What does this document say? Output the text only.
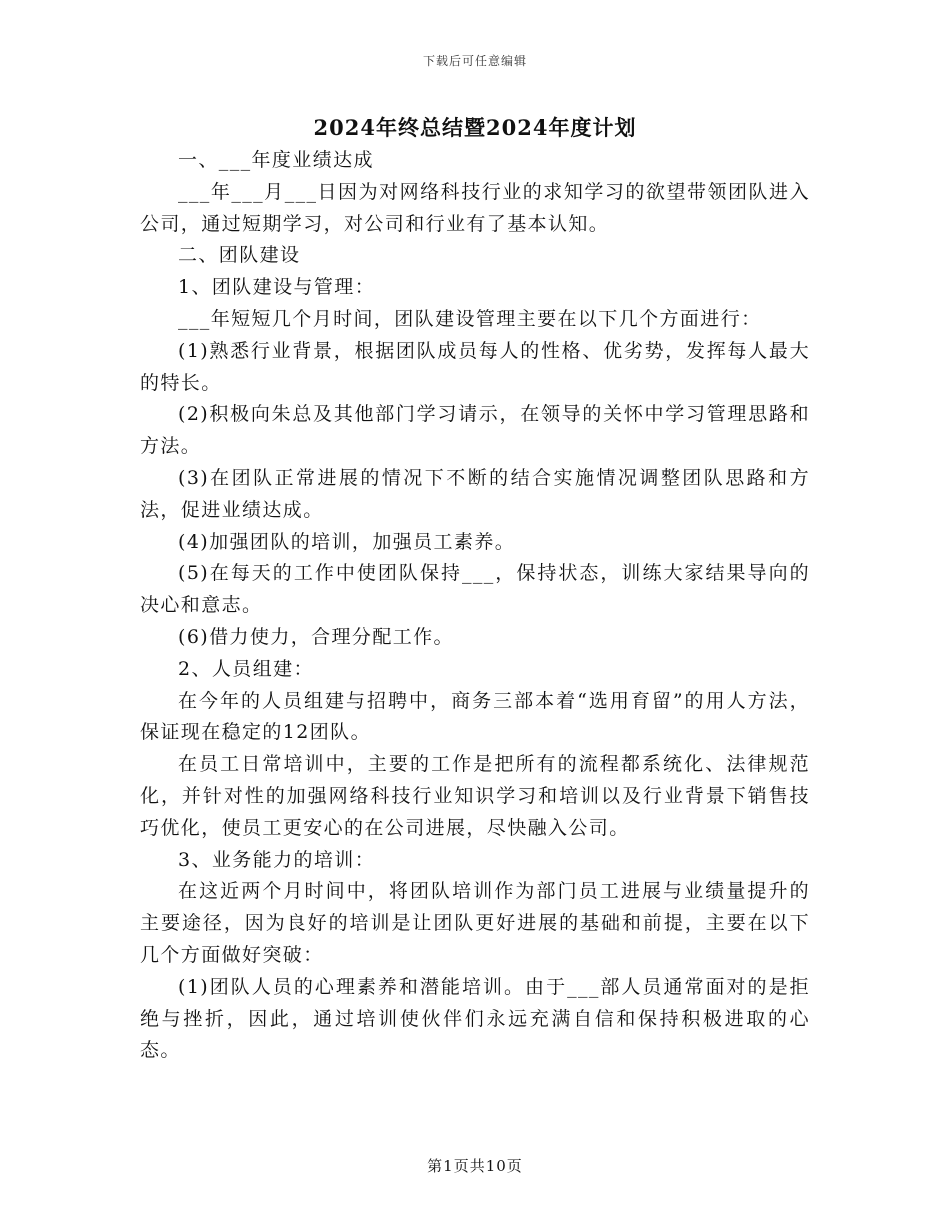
下载后可任意编辑
2024年终总结暨2024年度计划

一、___年度业绩达成

___年___月___日因为对网络科技行业的求知学习的欲望带领团队进入公司，通过短期学习，对公司和行业有了基本认知。

二、团队建设

1、团队建设与管理：

___年短短几个月时间，团队建设管理主要在以下几个方面进行：

(1)熟悉行业背景，根据团队成员每人的性格、优劣势，发挥每人最大的特长。

(2)积极向朱总及其他部门学习请示，在领导的关怀中学习管理思路和方法。

(3)在团队正常进展的情况下不断的结合实施情况调整团队思路和方法，促进业绩达成。

(4)加强团队的培训，加强员工素养。

(5)在每天的工作中使团队保持___，保持状态，训练大家结果导向的决心和意志。

(6)借力使力，合理分配工作。

2、人员组建：

在今年的人员组建与招聘中，商务三部本着“选用育留”的用人方法，保证现在稳定的12团队。

在员工日常培训中，主要的工作是把所有的流程都系统化、法律规范化，并针对性的加强网络科技行业知识学习和培训以及行业背景下销售技巧优化，使员工更安心的在公司进展，尽快融入公司。

3、业务能力的培训：

在这近两个月时间中，将团队培训作为部门员工进展与业绩量提升的主要途径，因为良好的培训是让团队更好进展的基础和前提，主要在以下几个方面做好突破：

(1)团队人员的心理素养和潜能培训。由于___部人员通常面对的是拒绝与挫折，因此，通过培训使伙伴们永远充满自信和保持积极进取的心态。

第1页共10页
